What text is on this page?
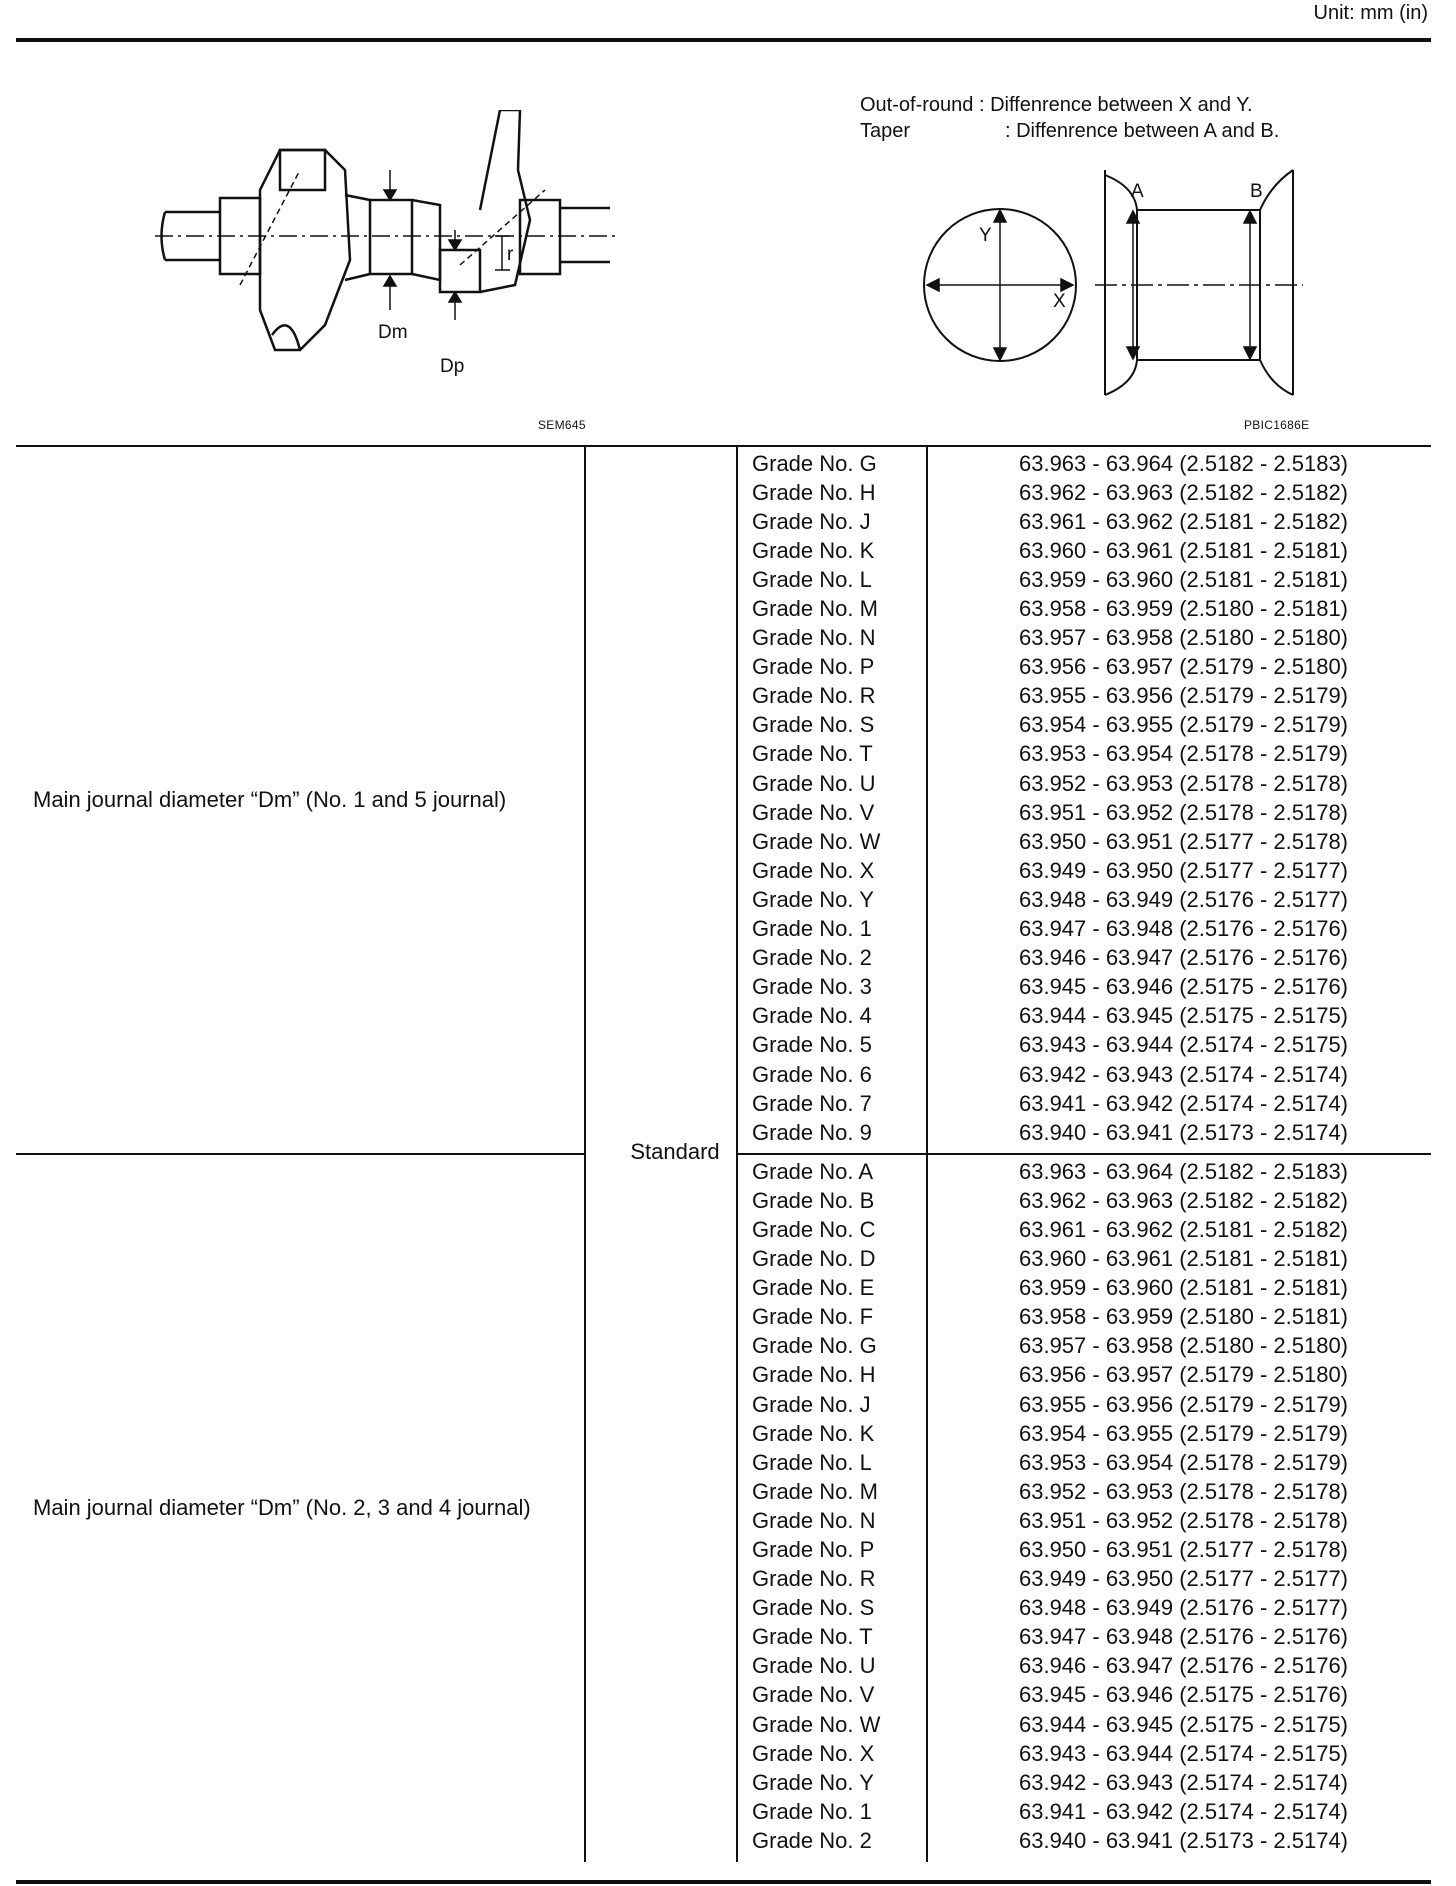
Unit: mm (in)
Dm
Dp
r
SEM645
Out-of-round :
Diffenrence between X and Y.
Taper	: Diffenrence between A and B.
X
Y
A	B
PBIC1686E
Main journal diameter “Dm” (No. 1 and 5 journal)
Grade No. G	63.963 - 63.964 (2.5182 - 2.5183)
Grade No. H	63.962 - 63.963 (2.5182 - 2.5182)
Grade No. J	63.961 - 63.962 (2.5181 - 2.5182)
Grade No. K	63.960 - 63.961 (2.5181 - 2.5181)
Grade No. L	63.959 - 63.960 (2.5181 - 2.5181)
Grade No. M	63.958 - 63.959 (2.5180 - 2.5181)
Grade No. N	63.957 - 63.958 (2.5180 - 2.5180)
Grade No. P	63.956 - 63.957 (2.5179 - 2.5180)
Grade No. R	63.955 - 63.956 (2.5179 - 2.5179)
Grade No. S	63.954 - 63.955 (2.5179 - 2.5179)
Grade No. T	63.953 - 63.954 (2.5178 - 2.5179)
Grade No. U	63.952 - 63.953 (2.5178 - 2.5178)
Grade No. V	63.951 - 63.952 (2.5178 - 2.5178)
Grade No. W	63.950 - 63.951 (2.5177 - 2.5178)
Grade No. X	63.949 - 63.950 (2.5177 - 2.5177)
Grade No. Y	63.948 - 63.949 (2.5176 - 2.5177)
Grade No. 1	63.947 - 63.948 (2.5176 - 2.5176)
Grade No. 2	63.946 - 63.947 (2.5176 - 2.5176)
Grade No. 3	63.945 - 63.946 (2.5175 - 2.5176)
Grade No. 4	63.944 - 63.945 (2.5175 - 2.5175)
Grade No. 5	63.943 - 63.944 (2.5174 - 2.5175)
Grade No. 6	63.942 - 63.943 (2.5174 - 2.5174)
Grade No. 7	63.941 - 63.942 (2.5174 - 2.5174)
Grade No. 9	63.940 - 63.941 (2.5173 - 2.5174)
Main journal diameter “Dm” (No. 2, 3 and 4 journal)
Grade No. A	63.963 - 63.964 (2.5182 - 2.5183)
Grade No. B	63.962 - 63.963 (2.5182 - 2.5182)
Grade No. C	63.961 - 63.962 (2.5181 - 2.5182)
Grade No. D	63.960 - 63.961 (2.5181 - 2.5181)
Grade No. E	63.959 - 63.960 (2.5181 - 2.5181)
Grade No. F	63.958 - 63.959 (2.5180 - 2.5181)
Grade No. G	63.957 - 63.958 (2.5180 - 2.5180)
Grade No. H	63.956 - 63.957 (2.5179 - 2.5180)
Grade No. J	63.955 - 63.956 (2.5179 - 2.5179)
Grade No. K	63.954 - 63.955 (2.5179 - 2.5179)
Grade No. L	63.953 - 63.954 (2.5178 - 2.5179)
Grade No. M	63.952 - 63.953 (2.5178 - 2.5178)
Grade No. N	63.951 - 63.952 (2.5178 - 2.5178)
Grade No. P	63.950 - 63.951 (2.5177 - 2.5178)
Grade No. R	63.949 - 63.950 (2.5177 - 2.5177)
Grade No. S	63.948 - 63.949 (2.5176 - 2.5177)
Grade No. T	63.947 - 63.948 (2.5176 - 2.5176)
Grade No. U	63.946 - 63.947 (2.5176 - 2.5176)
Grade No. V	63.945 - 63.946 (2.5175 - 2.5176)
Grade No. W	63.944 - 63.945 (2.5175 - 2.5175)
Grade No. X	63.943 - 63.944 (2.5174 - 2.5175)
Grade No. Y	63.942 - 63.943 (2.5174 - 2.5174)
Grade No. 1	63.941 - 63.942 (2.5174 - 2.5174)
Grade No. 2	63.940 - 63.941 (2.5173 - 2.5174)
Standard
